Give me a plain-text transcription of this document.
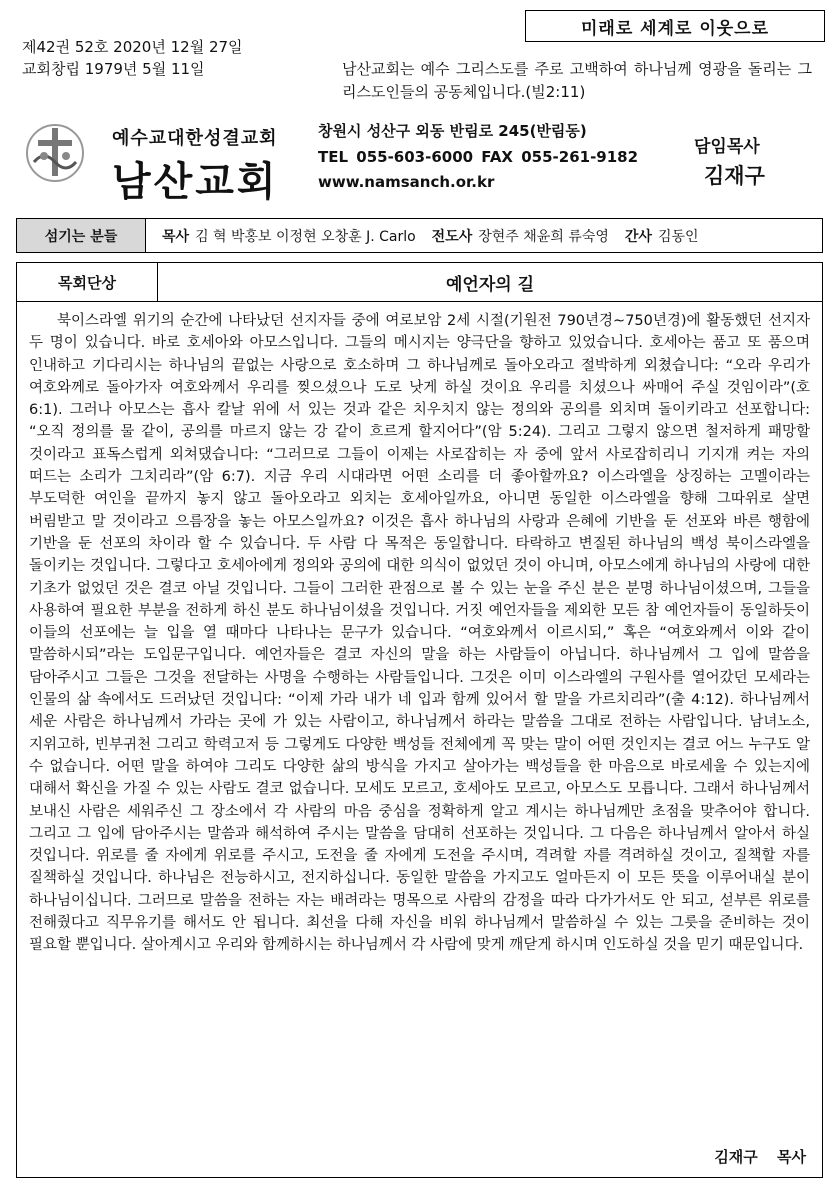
제42권 52호 2020년 12월 27일
교회창립 1979년 5월 11일
미래로 세계로 이웃으로
남산교회는 예수 그리스도를 주로 고백하여 하나님께 영광을 돌리는 그리스도인들의 공동체입니다.(빌2:11)
예수교대한성결교회
남산교회
창원시 성산구 외동 반림로 245(반림동)
TEL 055-603-6000 FAX 055-261-9182
www.namsanch.or.kr
담임목사
김재구
섬기는 분들	목사 김 혁 박홍보 이정현 오창훈 J. Carlo 전도사 장현주 채윤희 류숙영 간사 김동인
목회단상	예언자의 길
북이스라엘 위기의 순간에 나타났던 선지자들 중에 여로보암 2세 시절(기원전 790년경∼750년경)에 활동했던 선지자 두 명이 있습니다. 바로 호세아와 아모스입니다. 그들의 메시지는 양극단을 향하고 있었습니다. 호세아는 품고 또 품으며 인내하고 기다리시는 하나님의 끝없는 사랑으로 호소하며 그 하나님께로 돌아오라고 절박하게 외쳤습니다: “오라 우리가 여호와께로 돌아가자 여호와께서 우리를 찢으셨으나 도로 낫게 하실 것이요 우리를 치셨으나 싸매어 주실 것임이라”(호 6:1). 그러나 아모스는 흡사 칼날 위에 서 있는 것과 같은 치우치지 않는 정의와 공의를 외치며 돌이키라고 선포합니다: “오직 정의를 물 같이, 공의를 마르지 않는 강 같이 흐르게 할지어다”(암 5:24). 그리고 그렇지 않으면 철저하게 패망할 것이라고 표독스럽게 외쳐댔습니다: “그러므로 그들이 이제는 사로잡히는 자 중에 앞서 사로잡히리니 기지개 켜는 자의 떠드는 소리가 그치리라”(암 6:7). 지금 우리 시대라면 어떤 소리를 더 좋아할까요? 이스라엘을 상징하는 고멜이라는 부도덕한 여인을 끝까지 놓지 않고 돌아오라고 외치는 호세아일까요, 아니면 동일한 이스라엘을 향해 그따위로 살면 버림받고 말 것이라고 으름장을 놓는 아모스일까요? 이것은 흡사 하나님의 사랑과 은혜에 기반을 둔 선포와 바른 행함에 기반을 둔 선포의 차이라 할 수 있습니다. 두 사람 다 목적은 동일합니다. 타락하고 변질된 하나님의 백성 북이스라엘을 돌이키는 것입니다. 그렇다고 호세아에게 정의와 공의에 대한 의식이 없었던 것이 아니며, 아모스에게 하나님의 사랑에 대한 기초가 없었던 것은 결코 아닐 것입니다. 그들이 그러한 관점으로 볼 수 있는 눈을 주신 분은 분명 하나님이셨으며, 그들을 사용하여 필요한 부분을 전하게 하신 분도 하나님이셨을 것입니다. 거짓 예언자들을 제외한 모든 참 예언자들이 동일하듯이 이들의 선포에는 늘 입을 열 때마다 나타나는 문구가 있습니다. “여호와께서 이르시되,” 혹은 “여호와께서 이와 같이 말씀하시되”라는 도입문구입니다. 예언자들은 결코 자신의 말을 하는 사람들이 아닙니다. 하나님께서 그 입에 말씀을 담아주시고 그들은 그것을 전달하는 사명을 수행하는 사람들입니다. 그것은 이미 이스라엘의 구원사를 열어갔던 모세라는 인물의 삶 속에서도 드러났던 것입니다: “이제 가라 내가 네 입과 함께 있어서 할 말을 가르치리라”(출 4:12). 하나님께서 세운 사람은 하나님께서 가라는 곳에 가 있는 사람이고, 하나님께서 하라는 말씀을 그대로 전하는 사람입니다. 남녀노소, 지위고하, 빈부귀천 그리고 학력고저 등 그렇게도 다양한 백성들 전체에게 꼭 맞는 말이 어떤 것인지는 결코 어느 누구도 알 수 없습니다. 어떤 말을 하여야 그리도 다양한 삶의 방식을 가지고 살아가는 백성들을 한 마음으로 바로세울 수 있는지에 대해서 확신을 가질 수 있는 사람도 결코 없습니다. 모세도 모르고, 호세아도 모르고, 아모스도 모릅니다. 그래서 하나님께서 보내신 사람은 세워주신 그 장소에서 각 사람의 마음 중심을 정확하게 알고 계시는 하나님께만 초점을 맞추어야 합니다. 그리고 그 입에 담아주시는 말씀과 해석하여 주시는 말씀을 담대히 선포하는 것입니다. 그 다음은 하나님께서 알아서 하실 것입니다. 위로를 줄 자에게 위로를 주시고, 도전을 줄 자에게 도전을 주시며, 격려할 자를 격려하실 것이고, 질책할 자를 질책하실 것입니다. 하나님은 전능하시고, 전지하십니다. 동일한 말씀을 가지고도 얼마든지 이 모든 뜻을 이루어내실 분이 하나님이십니다. 그러므로 말씀을 전하는 자는 배려라는 명목으로 사람의 감정을 따라 다가가서도 안 되고, 섣부른 위로를 전해줬다고 직무유기를 해서도 안 됩니다. 최선을 다해 자신을 비워 하나님께서 말씀하실 수 있는 그릇을 준비하는 것이 필요할 뿐입니다. 살아계시고 우리와 함께하시는 하나님께서 각 사람에 맞게 깨닫게 하시며 인도하실 것을 믿기 때문입니다.
김재구 목사
